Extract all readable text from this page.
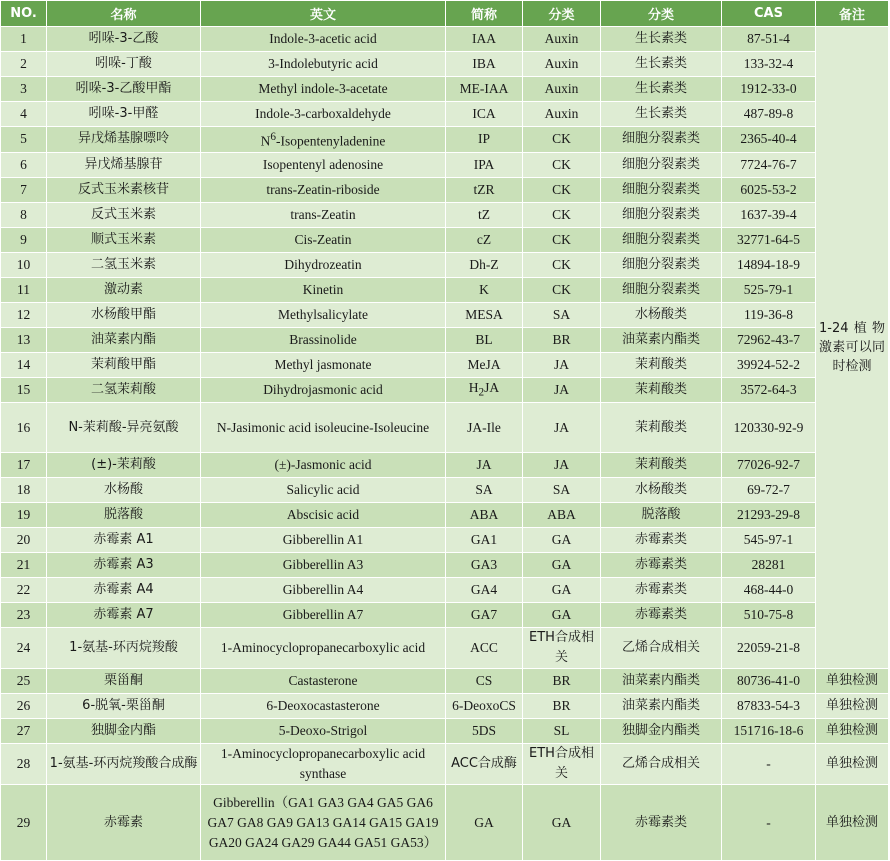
NO.	名称	英文	简称	分类	分类	CAS	备注
1	吲哚-3-乙酸	Indole-3-acetic acid	IAA	Auxin	生长素类	87-51-4	1-24植物激素可以同时检测
2	吲哚-丁酸	3-Indolebutyric acid	IBA	Auxin	生长素类	133-32-4	
3	吲哚-3-乙酸甲酯	Methyl indole-3-acetate	ME-IAA	Auxin	生长素类	1912-33-0	
4	吲哚-3-甲醛	Indole-3-carboxaldehyde	ICA	Auxin	生长素类	487-89-8	
5	异戊烯基腺嘌呤	$N^6$-Isopentenyladenine	IP	CK	细胞分裂素类	2365-40-4	
6	异戊烯基腺苷	Isopentenyl adenosine	IPA	CK	细胞分裂素类	7724-76-7	
7	反式玉米素核苷	trans-Zeatin-riboside	tZR	CK	细胞分裂素类	6025-53-2	
8	反式玉米素	trans-Zeatin	tZ	CK	细胞分裂素类	1637-39-4	
9	顺式玉米素	Cis-Zeatin	cZ	CK	细胞分裂素类	32771-64-5	
10	二氢玉米素	Dihydrozeatin	Dh-Z	CK	细胞分裂素类	14894-18-9	
11	激动素	Kinetin	K	CK	细胞分裂素类	525-79-1	
12	水杨酸甲酯	Methylsalicylate	MESA	SA	水杨酸类	119-36-8	
13	油菜素内酯	Brassinolide	BL	BR	油菜素内酯类	72962-43-7	
14	茉莉酸甲酯	Methyl jasmonate	MeJA	JA	茉莉酸类	39924-52-2	
15	二氢茉莉酸	Dihydrojasmonic acid	$H_2JA$	JA	茉莉酸类	3572-64-3	
16	N-茉莉酸-异亮氨酸	N-Jasimonic acid isoleucine-Isoleucine	JA-Ile	JA	茉莉酸类	120330-92-9	
17	(±)-茉莉酸	(±)-Jasmonic acid	JA	JA	茉莉酸类	77026-92-7	
18	水杨酸	Salicylic acid	SA	SA	水杨酸类	69-72-7	
19	脱落酸	Abscisic acid	ABA	ABA	脱落酸	21293-29-8	
20	赤霉素 A1	Gibberellin A1	GA1	GA	赤霉素类	545-97-1	
21	赤霉素 A3	Gibberellin A3	GA3	GA	赤霉素类	28281	
22	赤霉素 A4	Gibberellin A4	GA4	GA	赤霉素类	468-44-0	
23	赤霉素 A7	Gibberellin A7	GA7	GA	赤霉素类	510-75-8	
24	1-氨基-环丙烷羧酸	1-Aminocyclopropanecarboxylic acid	ACC	ETH合成相关	乙烯合成相关	22059-21-8	
25	栗甾酮	Castasterone	CS	BR	油菜素内酯类	80736-41-0	单独检测
26	6-脱氧-栗甾酮	6-Deoxocastasterone	6-DeoxoCS	BR	油菜素内酯类	87833-54-3	单独检测
27	独脚金内酯	5-Deoxo-Strigol	5DS	SL	独脚金内酯类	151716-18-6	单独检测
28	1-氨基-环丙烷羧酸合成酶	1-Aminocyclopropanecarboxylic acid synthase	ACC合成酶	ETH合成相关	乙烯合成相关	-	单独检测
29	赤霉素	Gibberellin（GA1 GA3 GA4 GA5 GA6 GA7 GA8 GA9 GA13 GA14 GA15 GA19 GA20 GA24 GA29 GA44 GA51 GA53）	GA	GA	赤霉素类	-	单独检测
